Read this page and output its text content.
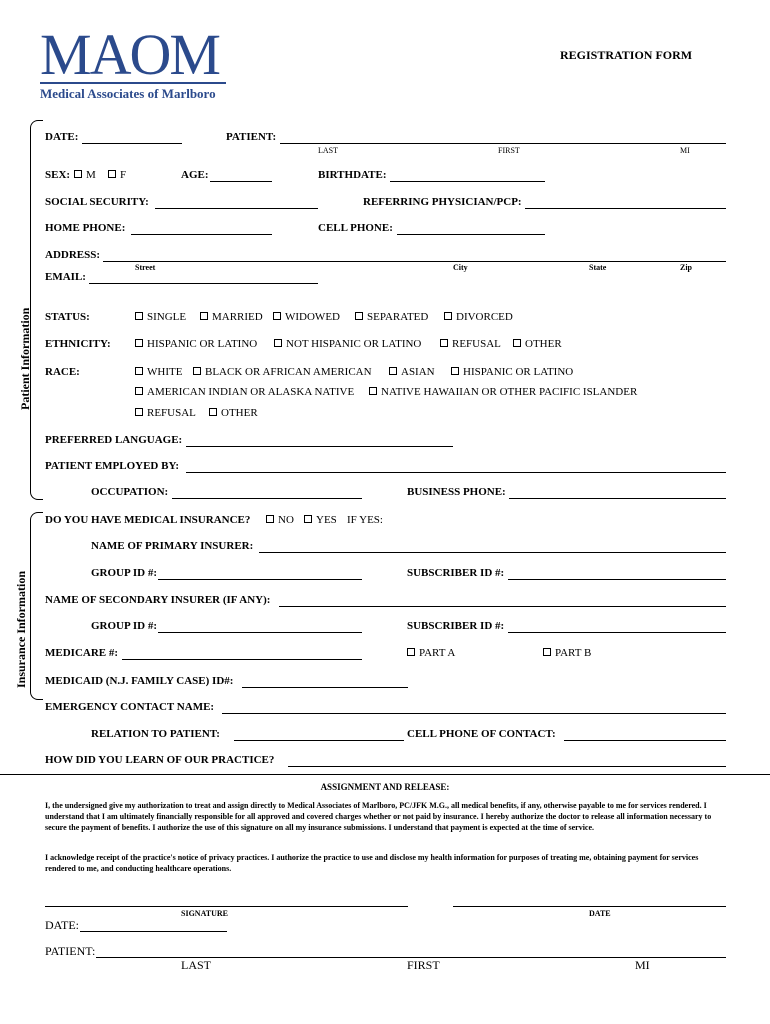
MAOM
Medical Associates of Marlboro
REGISTRATION FORM
Patient Information
Insurance Information
DATE:	PATIENT:
LAST	FIRST	MI
SEX:	M	F	AGE:	BIRTHDATE:
SOCIAL SECURITY:	REFERRING PHYSICIAN/PCP:
HOME PHONE:	CELL PHONE:
ADDRESS:
Street	City	State	Zip
EMAIL:
STATUS:	SINGLE	MARRIED	WIDOWED	SEPARATED	DIVORCED
ETHNICITY:	HISPANIC OR LATINO	NOT HISPANIC OR LATINO	REFUSAL	OTHER
RACE:	WHITE	BLACK OR AFRICAN AMERICAN	ASIAN	HISPANIC OR LATINO
AMERICAN INDIAN OR ALASKA NATIVE	NATIVE HAWAIIAN OR OTHER PACIFIC ISLANDER
REFUSAL	OTHER
PREFERRED LANGUAGE:
PATIENT EMPLOYED BY:
OCCUPATION:	BUSINESS PHONE:
DO YOU HAVE MEDICAL INSURANCE?	NO	YES IF YES:
NAME OF PRIMARY INSURER:
GROUP ID #:	SUBSCRIBER ID #:
NAME OF SECONDARY INSURER (IF ANY):
GROUP ID #:	SUBSCRIBER ID #:
MEDICARE #:	PART A	PART B
MEDICAID (N.J. FAMILY CASE) ID#:
EMERGENCY CONTACT NAME:
RELATION TO PATIENT:	CELL PHONE OF CONTACT:
HOW DID YOU LEARN OF OUR PRACTICE?
ASSIGNMENT AND RELEASE:
I, the undersigned give my authorization to treat and assign directly to Medical Associates of Marlboro, PC/JFK M.G., all medical benefits, if any, otherwise payable to me for services rendered. I understand that I am ultimately financially responsible for all approved and covered charges whether or not paid by insurance. I hereby authorize the doctor to release all information necessary to secure the payment of benefits. I authorize the use of this signature on all my insurance submissions. I understand that payment is expected at the time of service.
I acknowledge receipt of the practice's notice of privacy practices. I authorize the practice to use and disclose my health information for purposes of treating me, obtaining payment for services rendered to me, and conducting healthcare operations.
SIGNATURE	DATE
DATE:
PATIENT:
LAST	FIRST	MI
